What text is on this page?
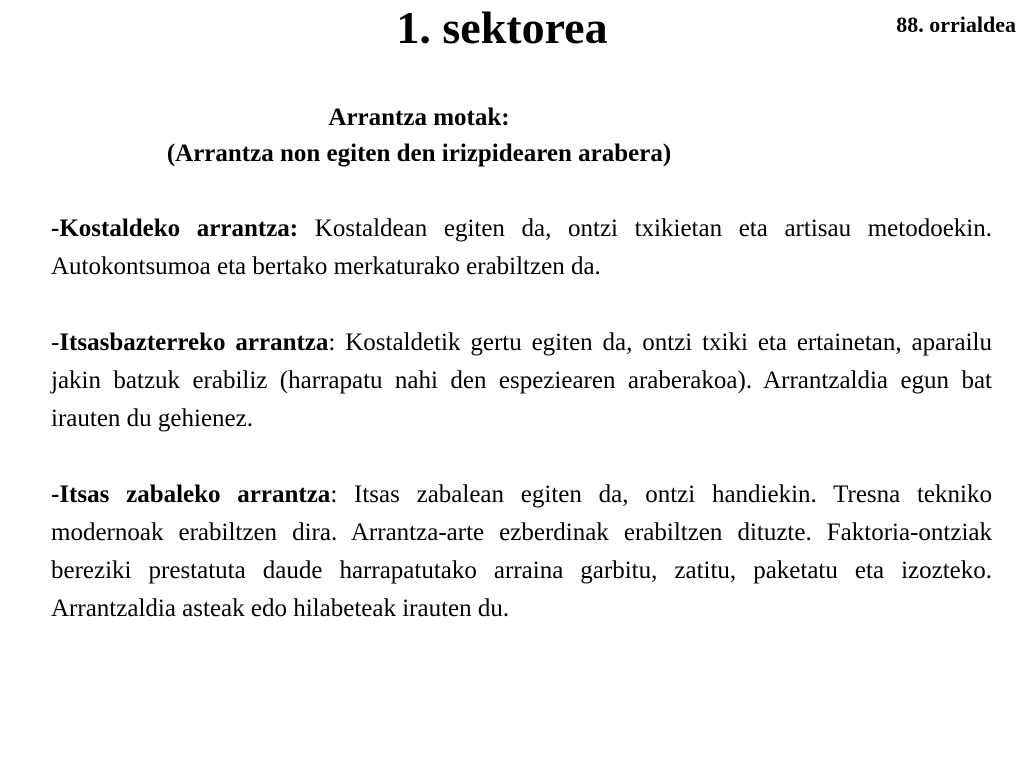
1. sektorea	88. orrialdea
Arrantza motak:
(Arrantza non egiten den irizpidearen arabera)

-Kostaldeko arrantza: Kostaldean egiten da, ontzi txikietan eta artisau metodoekin. Autokontsumoa eta bertako merkaturako erabiltzen da.

-Itsasbazterreko arrantza: Kostaldetik gertu egiten da, ontzi txiki eta ertainetan, aparailu jakin batzuk erabiliz (harrapatu nahi den espeziearen araberakoa). Arrantzaldia egun bat irauten du gehienez.

-Itsas zabaleko arrantza: Itsas zabalean egiten da, ontzi handiekin. Tresna tekniko modernoak erabiltzen dira. Arrantza-arte ezberdinak erabiltzen dituzte. Faktoria-ontziak bereziki prestatuta daude harrapatutako arraina garbitu, zatitu, paketatu eta izozteko. Arrantzaldia asteak edo hilabeteak irauten du.
